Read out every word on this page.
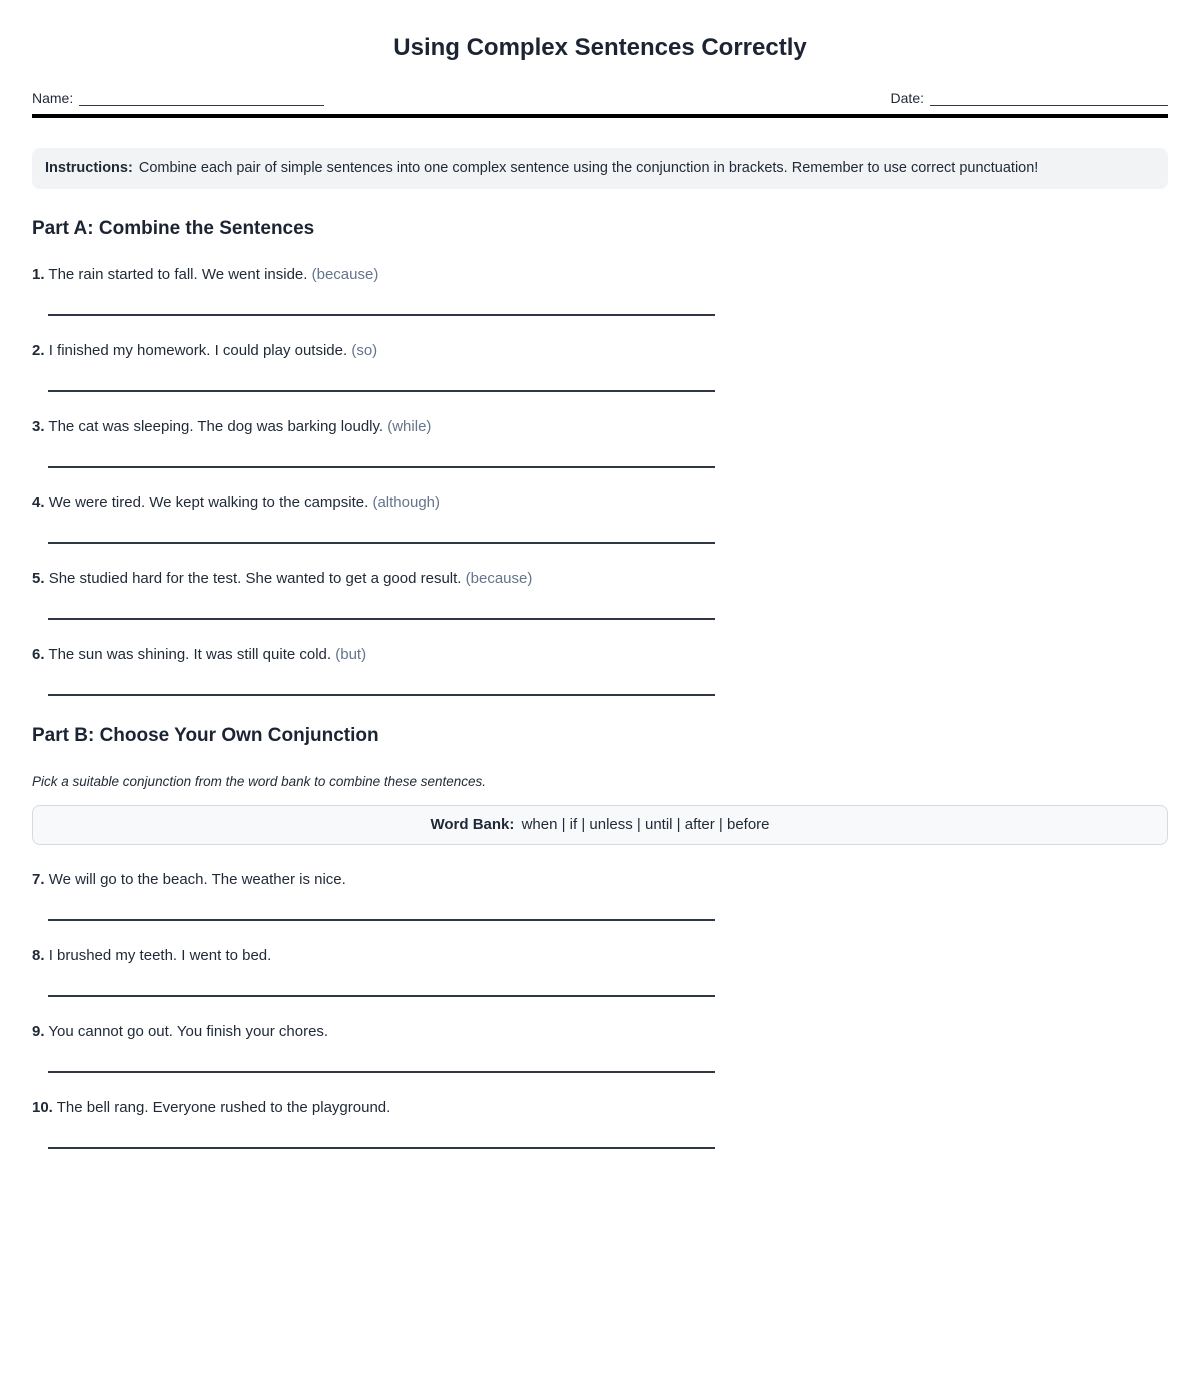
Using Complex Sentences Correctly
Name:	Date:
Instructions: Combine each pair of simple sentences into one complex sentence using the conjunction in brackets. Remember to use correct punctuation!
Part A: Combine the Sentences

1. The rain started to fall. We went inside. (because)

2. I finished my homework. I could play outside. (so)

3. The cat was sleeping. The dog was barking loudly. (while)

4. We were tired. We kept walking to the campsite. (although)

5. She studied hard for the test. She wanted to get a good result. (because)

6. The sun was shining. It was still quite cold. (but)

Part B: Choose Your Own Conjunction

Pick a suitable conjunction from the word bank to combine these sentences.

Word Bank: when | if | unless | until | after | before

7. We will go to the beach. The weather is nice.

8. I brushed my teeth. I went to bed.

9. You cannot go out. You finish your chores.

10. The bell rang. Everyone rushed to the playground.
